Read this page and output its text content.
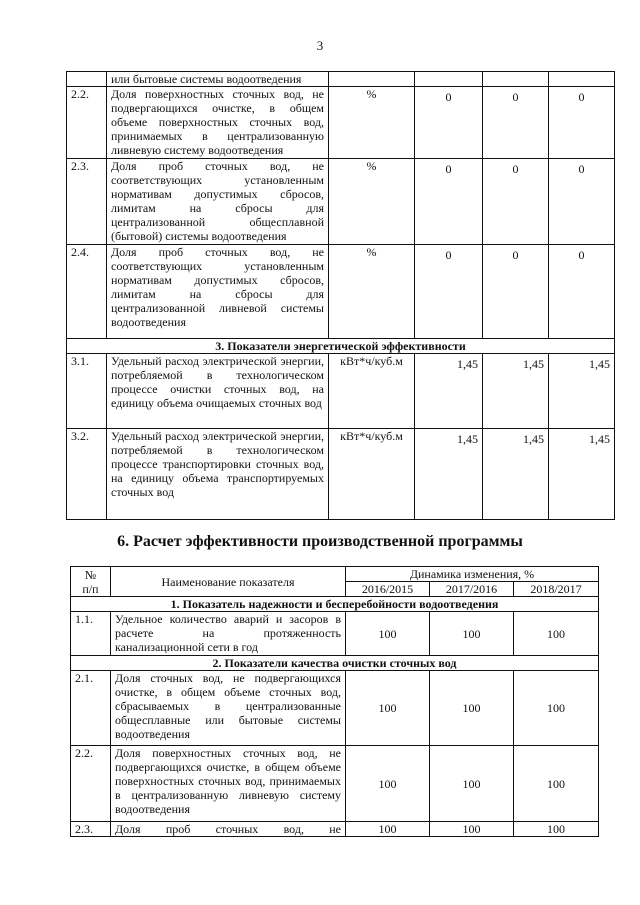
3
	или бытовые системы водоотведения				
2.2.	Доля поверхностных сточных вод, не подвергающихся очистке, в общем объеме поверхностных сточных вод, принимаемых в централизованную ливневую систему водоотведения	%	0	0	0
2.3.	Доля проб сточных вод, не соответствующих установленным нормативам допустимых сбросов, лимитам на сбросы для централизованной общесплавной (бытовой) системы водоотведения	%	0	0	0
2.4.	Доля проб сточных вод, не соответствующих установленным нормативам допустимых сбросов, лимитам на сбросы для централизованной ливневой системы водоотведения	%	0	0	0
3. Показатели энергетической эффективности					
3.1.	Удельный расход электрической энергии, потребляемой в технологическом процессе очистки сточных вод, на единицу объема очищаемых сточных вод	кВт*ч/куб.м	1,45	1,45	1,45
3.2.	Удельный расход электрической энергии, потребляемой в технологическом процессе транспортировки сточных вод, на единицу объема транспортируемых сточных вод	кВт*ч/куб.м	1,45	1,45	1,45
6. Расчет эффективности производственной программы
№
п/п	Наименование показателя	Динамика изменения, %		
		2016/2015	2017/2016	2018/2017
1. Показатель надежности и бесперебойности водоотведения				
1.1.	Удельное количество аварий и засоров в расчете на протяженность канализационной сети в год	100	100	100
2. Показатели качества очистки сточных вод				
2.1.	Доля сточных вод, не подвергающихся очистке, в общем объеме сточных вод, сбрасываемых в централизованные общесплавные или бытовые системы водоотведения	100	100	100
2.2.	Доля поверхностных сточных вод, не подвергающихся очистке, в общем объеме поверхностных сточных вод, принимаемых в централизованную ливневую систему водоотведения	100	100	100
2.3.	Доля проб сточных вод, не	100	100	100
